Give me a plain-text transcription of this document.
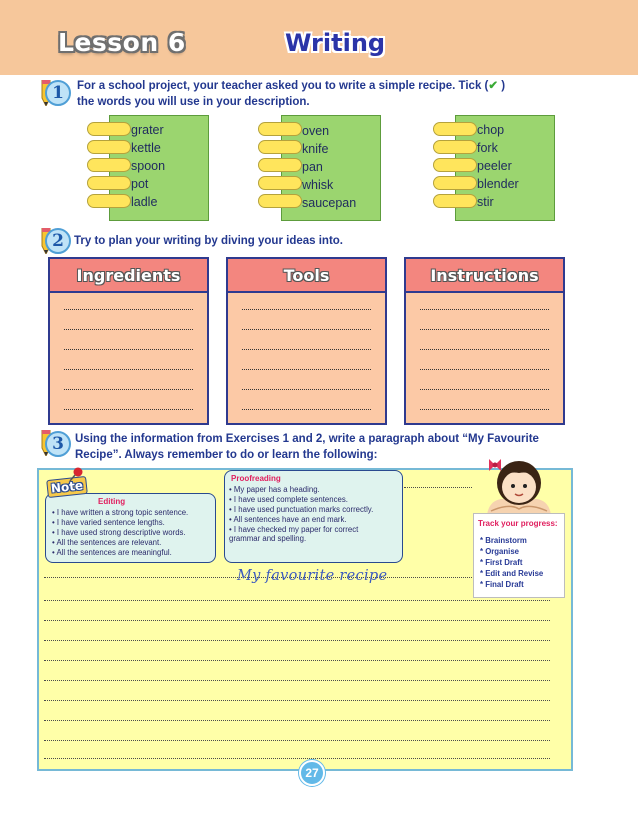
Lesson 6	Writing
1	For a school project, your teacher asked you to write a simple recipe. Tick (✔ )
the words you will use in your description.
grater
kettle
spoon
pot
ladle
oven
knife
pan
whisk
saucepan
chop
fork
peeler
blender
stir
2 Try to plan your writing by diving your ideas into.
Ingredients	Tools	Instructions
3 Using the information from Exercises 1 and 2, write a paragraph about “My Favourite
Recipe”. Always remember to do or learn the following:
Editing
• I have written a strong topic sentence.
• I have varied sentence lengths.
• I have used strong descriptive words.
• All the sentences are relevant.
• All the sentences are meaningful.
Note	Proofreading
• My paper has a heading.
• I have used complete sentences.
• I have used punctuation marks correctly.
• All sentences have an end mark.
• I have checked my paper for correct
grammar and spelling.
Track your progress:
* Brainstorm
* Organise
* First Draft
* Edit and Revise
* Final Draft
My favourite recipe
27
